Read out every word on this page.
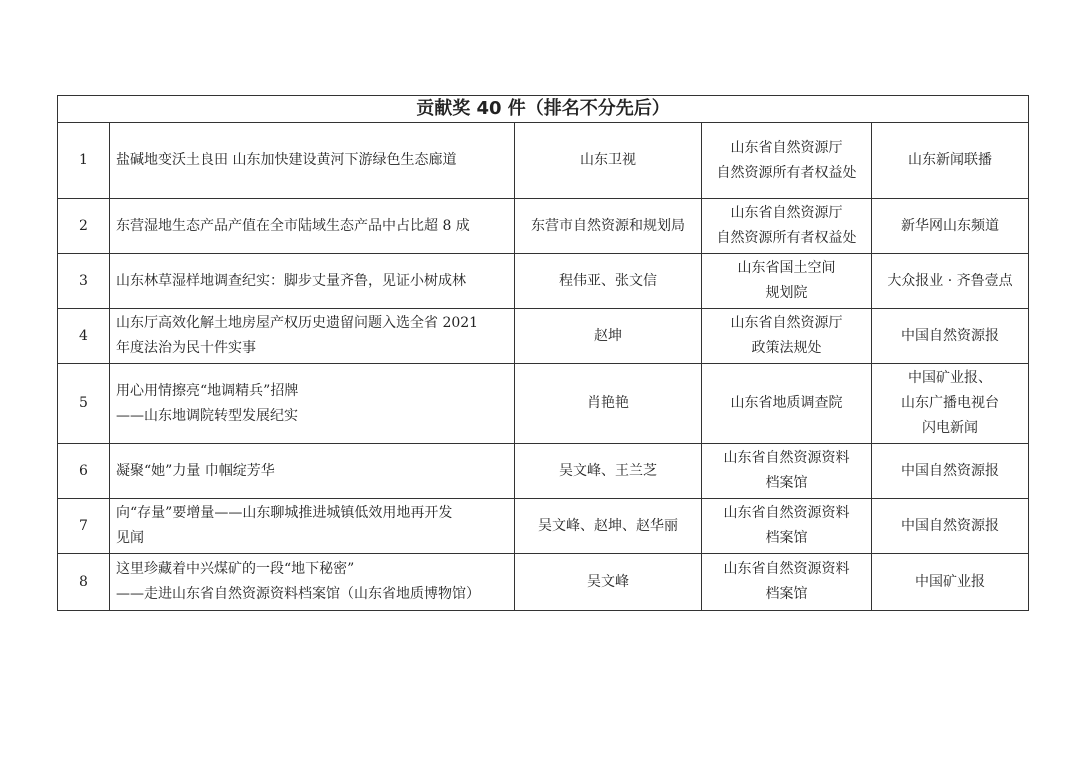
贡献奖 40 件（排名不分先后）				
1	盐碱地变沃土良田 山东加快建设黄河下游绿色生态廊道	山东卫视	山东省自然资源厅
自然资源所有者权益处	山东新闻联播

2	东营湿地生态产品产值在全市陆域生态产品中占比超 8 成	东营市自然资源和规划局	山东省自然资源厅
自然资源所有者权益处	新华网山东频道

3	山东林草湿样地调查纪实：脚步丈量齐鲁，见证小树成林	程伟亚、张文信	山东省国土空间
规划院	大众报业 · 齐鲁壹点

4	山东厅高效化解土地房屋产权历史遗留问题入选全省 2021
年度法治为民十件实事	赵坤	山东省自然资源厅
政策法规处	中国自然资源报

5	用心用情擦亮“地调精兵”招牌
——山东地调院转型发展纪实	肖艳艳	山东省地质调查院	中国矿业报、
山东广播电视台
闪电新闻

6	凝聚“她”力量 巾帼绽芳华	吴文峰、王兰芝	山东省自然资源资料
档案馆	中国自然资源报

7	向“存量”要增量——山东聊城推进城镇低效用地再开发
见闻	吴文峰、赵坤、赵华丽	山东省自然资源资料
档案馆	中国自然资源报

8	这里珍藏着中兴煤矿的一段“地下秘密”
——走进山东省自然资源资料档案馆（山东省地质博物馆）	吴文峰	山东省自然资源资料
档案馆	中国矿业报
